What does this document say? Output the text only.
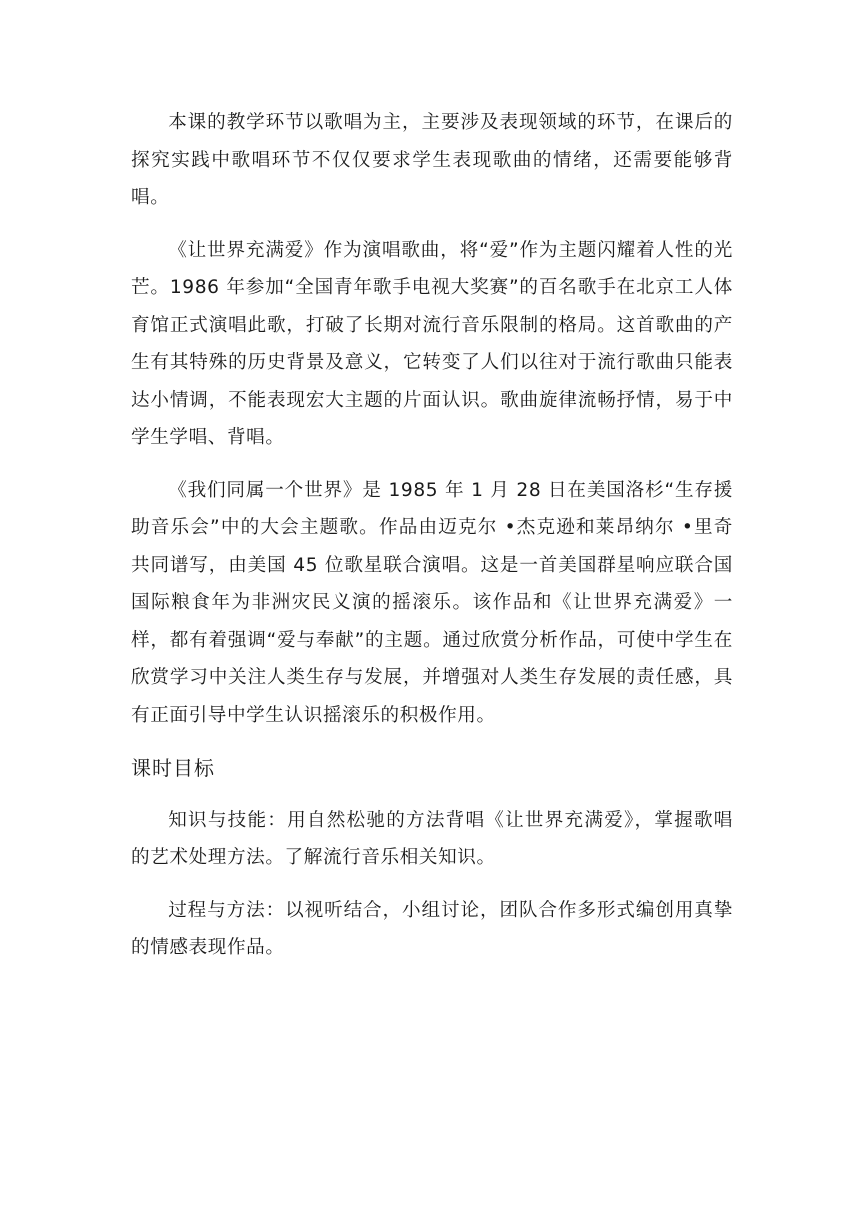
本课的教学环节以歌唱为主，主要涉及表现领域的环节，在课后的探究实践中歌唱环节不仅仅要求学生表现歌曲的情绪，还需要能够背唱。

《让世界充满爱》作为演唱歌曲，将“爱”作为主题闪耀着人性的光芒。1986 年参加“全国青年歌手电视大奖赛”的百名歌手在北京工人体育馆正式演唱此歌，打破了长期对流行音乐限制的格局。这首歌曲的产生有其特殊的历史背景及意义，它转变了人们以往对于流行歌曲只能表达小情调，不能表现宏大主题的片面认识。歌曲旋律流畅抒情，易于中学生学唱、背唱。

《我们同属一个世界》是 1985 年 1 月 28 日在美国洛杉“生存援助音乐会”中的大会主题歌。作品由迈克尔 •杰克逊和莱昂纳尔 •里奇共同谱写，由美国 45 位歌星联合演唱。这是一首美国群星响应联合国国际粮食年为非洲灾民义演的摇滚乐。该作品和《让世界充满爱》一样，都有着强调“爱与奉献”的主题。通过欣赏分析作品，可使中学生在欣赏学习中关注人类生存与发展，并增强对人类生存发展的责任感，具有正面引导中学生认识摇滚乐的积极作用。

课时目标

知识与技能：用自然松驰的方法背唱《让世界充满爱》，掌握歌唱的艺术处理方法。了解流行音乐相关知识。

过程与方法：以视听结合，小组讨论，团队合作多形式编创用真挚的情感表现作品。
